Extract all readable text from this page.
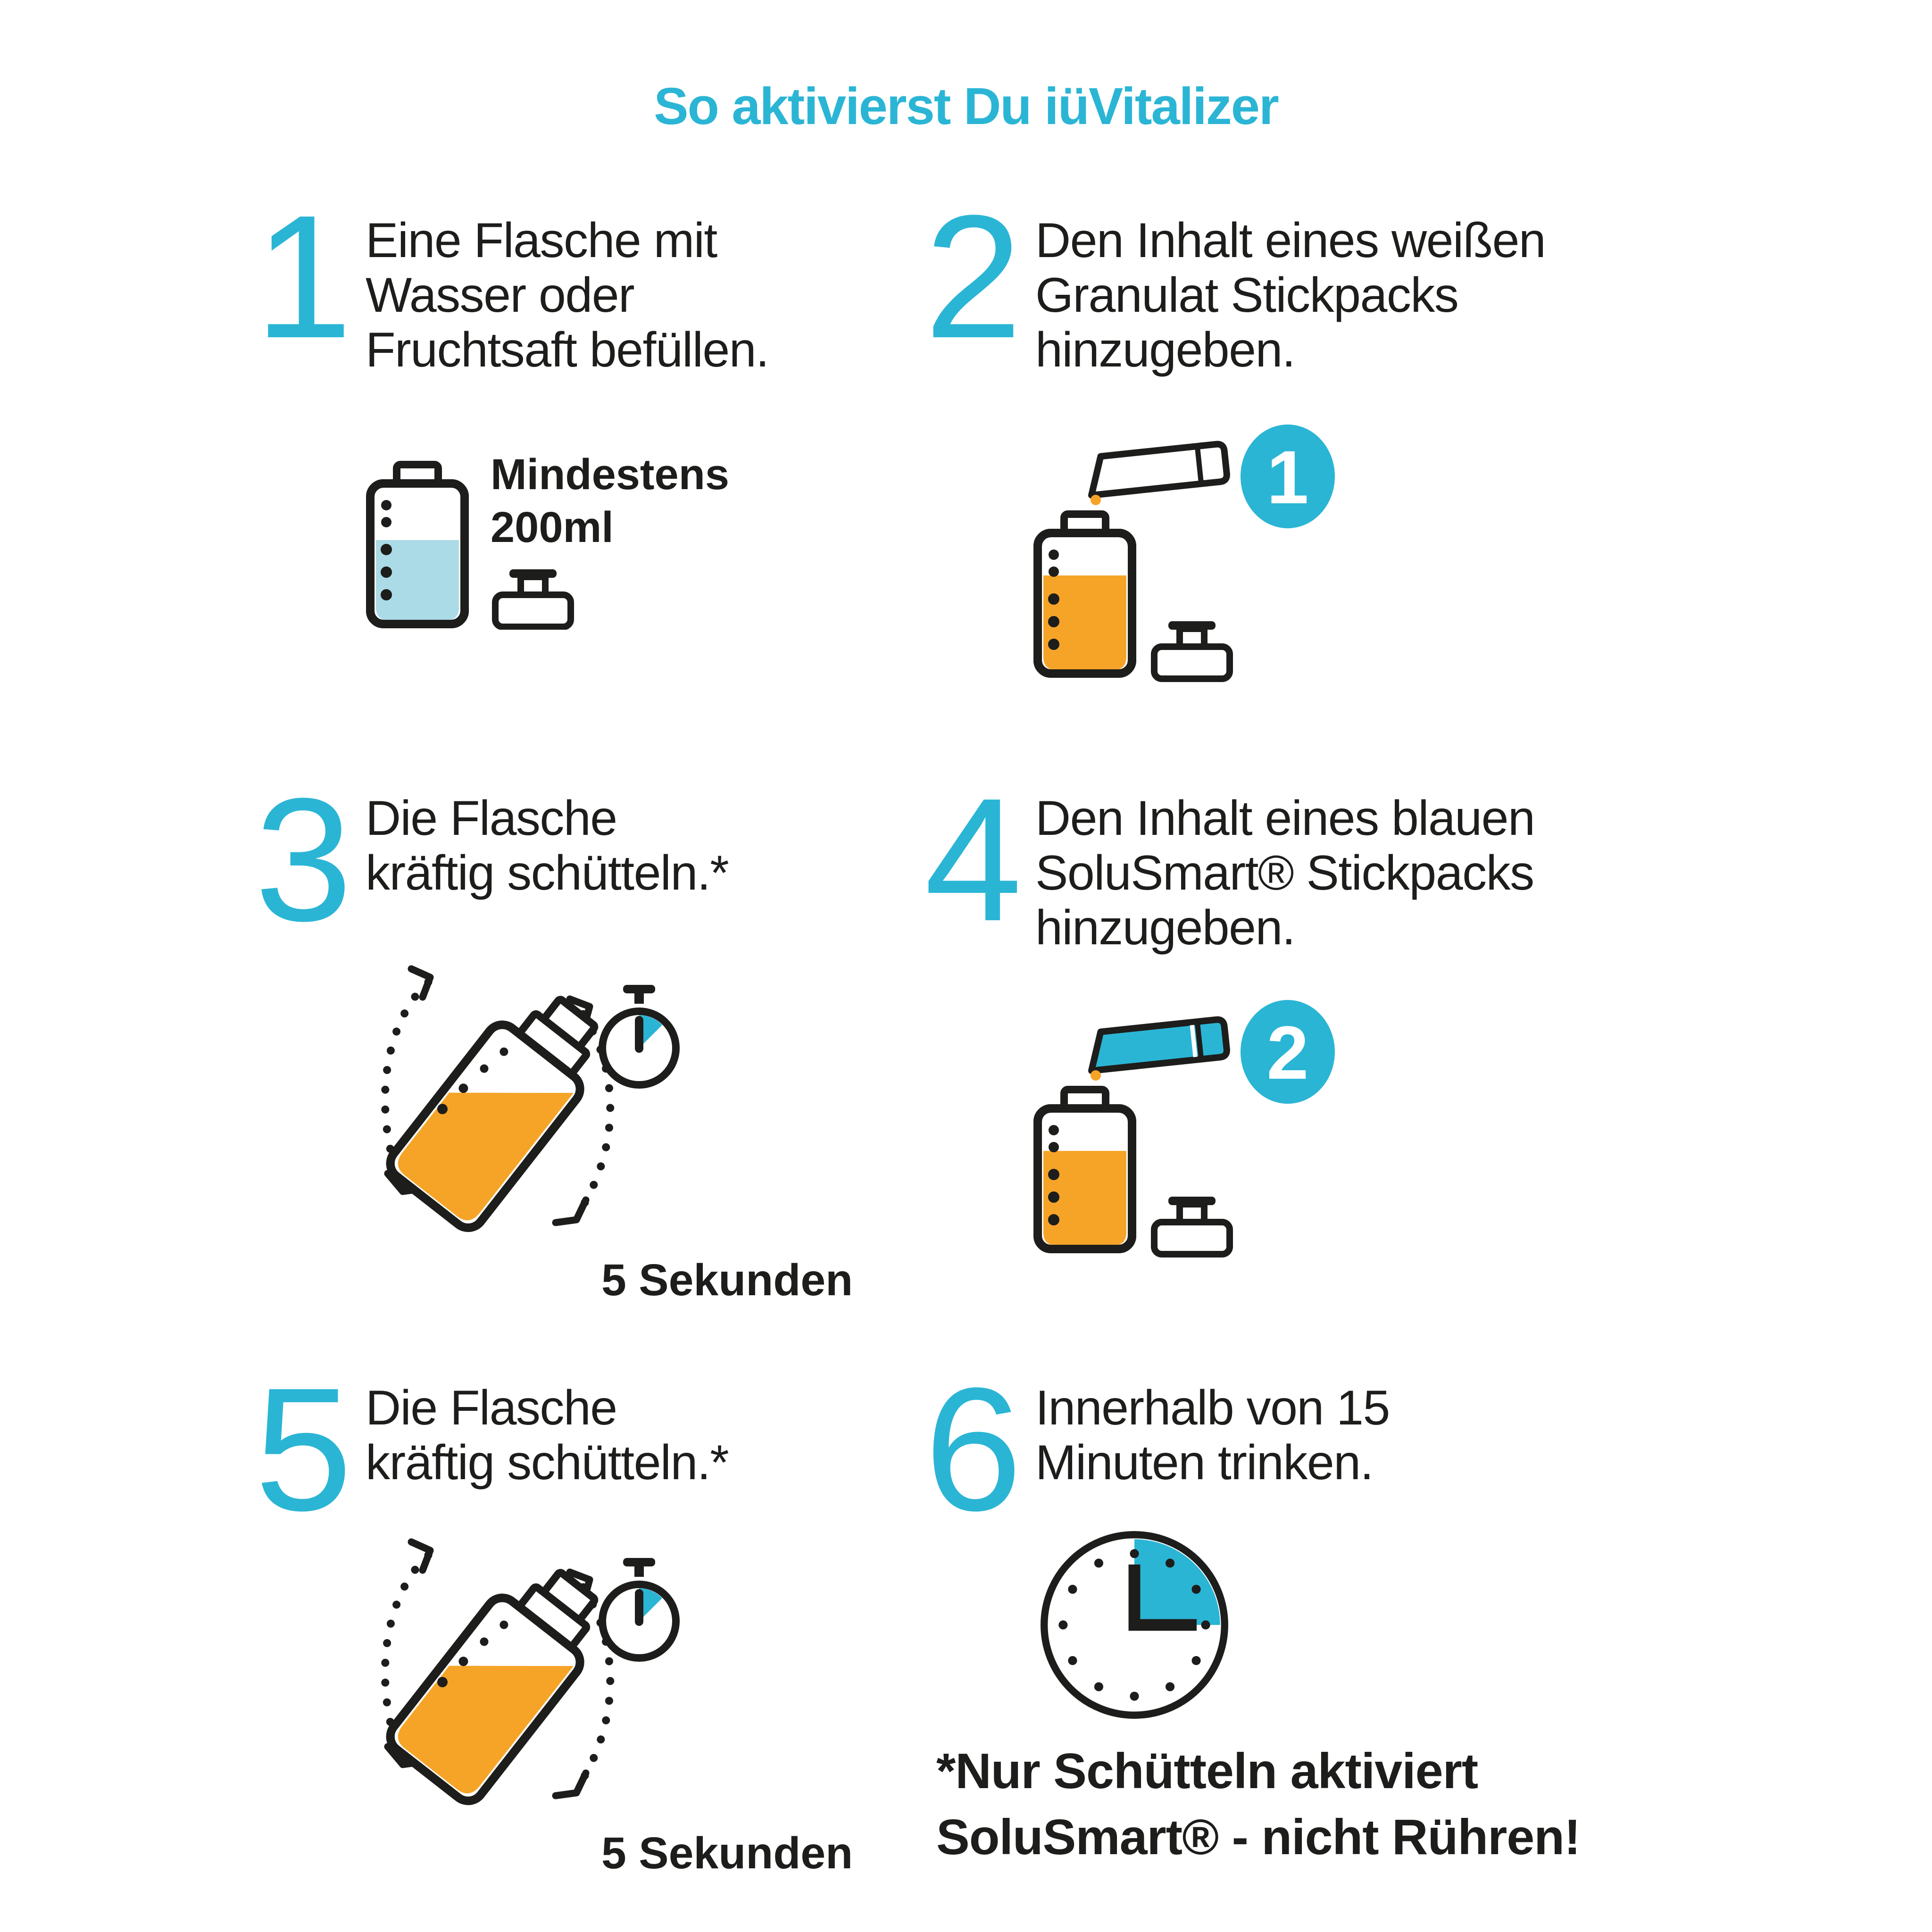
So aktivierst Du iüVitalizer
1 Eine Flasche mit
Wasser oder
Fruchtsaft befüllen.
Mindestens
200ml
2 Den Inhalt eines weißen
Granulat Stickpacks
hinzugeben.
1
3 Die Flasche
kräftig schütteln.*
5 Sekunden
4 Den Inhalt eines blauen
SoluSmart® Stickpacks
hinzugeben.
2
5 Die Flasche
kräftig schütteln.*
5 Sekunden
6 Innerhalb von 15
Minuten trinken.
*Nur Schütteln aktiviert
SoluSmart® - nicht Rühren!
